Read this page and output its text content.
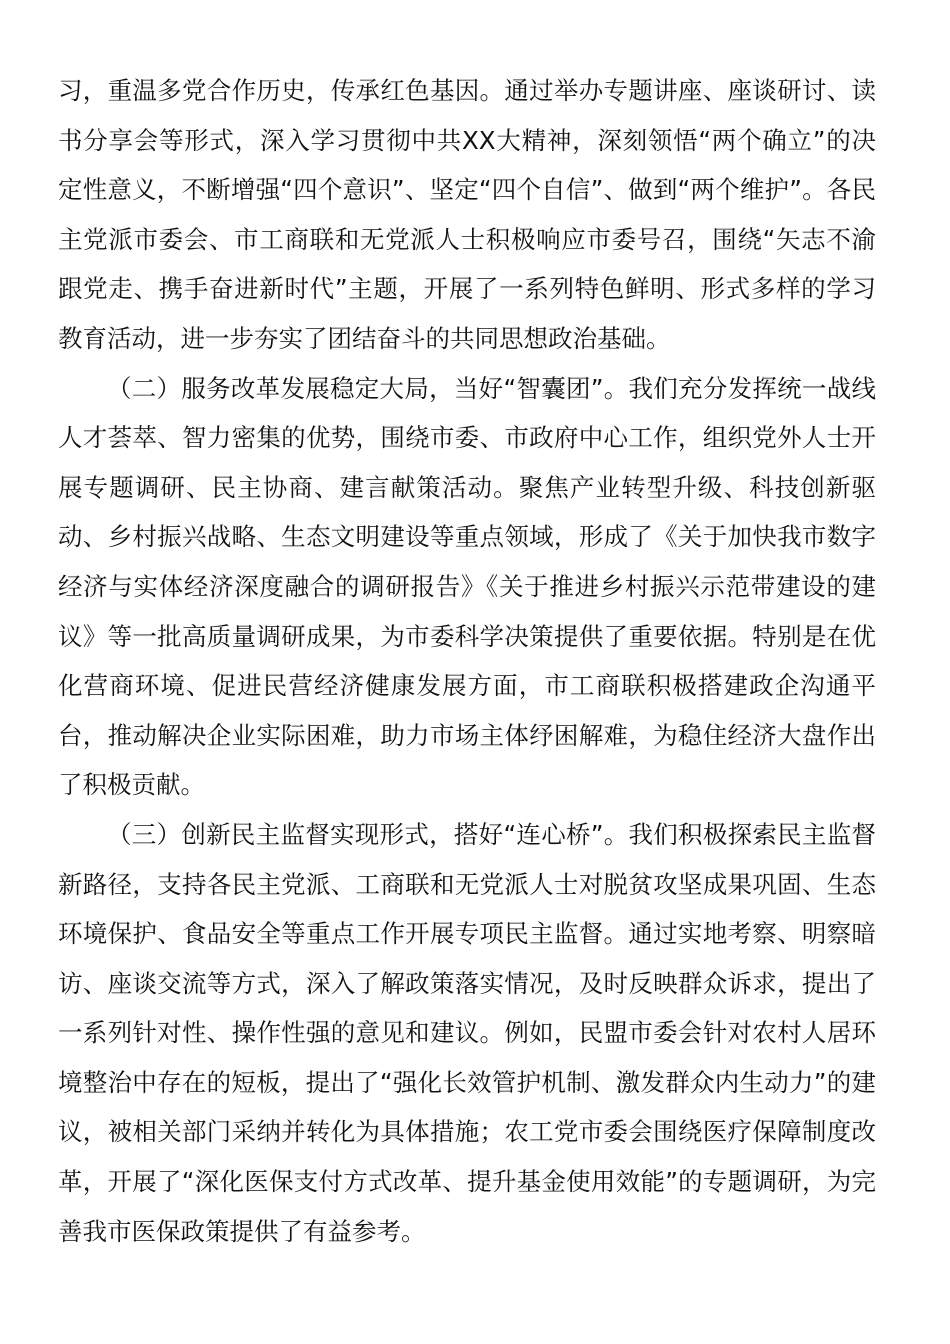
习，重温多党合作历史，传承红色基因。通过举办专题讲座、座谈研讨、读书分享会等形式，深入学习贯彻中共XX大精神，深刻领悟“两个确立”的决定性意义，不断增强“四个意识”、坚定“四个自信”、做到“两个维护”。各民主党派市委会、市工商联和无党派人士积极响应市委号召，围绕“矢志不渝跟党走、携手奋进新时代”主题，开展了一系列特色鲜明、形式多样的学习教育活动，进一步夯实了团结奋斗的共同思想政治基础。

（二）服务改革发展稳定大局，当好“智囊团”。我们充分发挥统一战线人才荟萃、智力密集的优势，围绕市委、市政府中心工作，组织党外人士开展专题调研、民主协商、建言献策活动。聚焦产业转型升级、科技创新驱动、乡村振兴战略、生态文明建设等重点领域，形成了《关于加快我市数字经济与实体经济深度融合的调研报告》《关于推进乡村振兴示范带建设的建议》等一批高质量调研成果，为市委科学决策提供了重要依据。特别是在优化营商环境、促进民营经济健康发展方面，市工商联积极搭建政企沟通平台，推动解决企业实际困难，助力市场主体纾困解难，为稳住经济大盘作出了积极贡献。

（三）创新民主监督实现形式，搭好“连心桥”。我们积极探索民主监督新路径，支持各民主党派、工商联和无党派人士对脱贫攻坚成果巩固、生态环境保护、食品安全等重点工作开展专项民主监督。通过实地考察、明察暗访、座谈交流等方式，深入了解政策落实情况，及时反映群众诉求，提出了一系列针对性、操作性强的意见和建议。例如，民盟市委会针对农村人居环境整治中存在的短板，提出了“强化长效管护机制、激发群众内生动力”的建议，被相关部门采纳并转化为具体措施；农工党市委会围绕医疗保障制度改革，开展了“深化医保支付方式改革、提升基金使用效能”的专题调研，为完善我市医保政策提供了有益参考。
